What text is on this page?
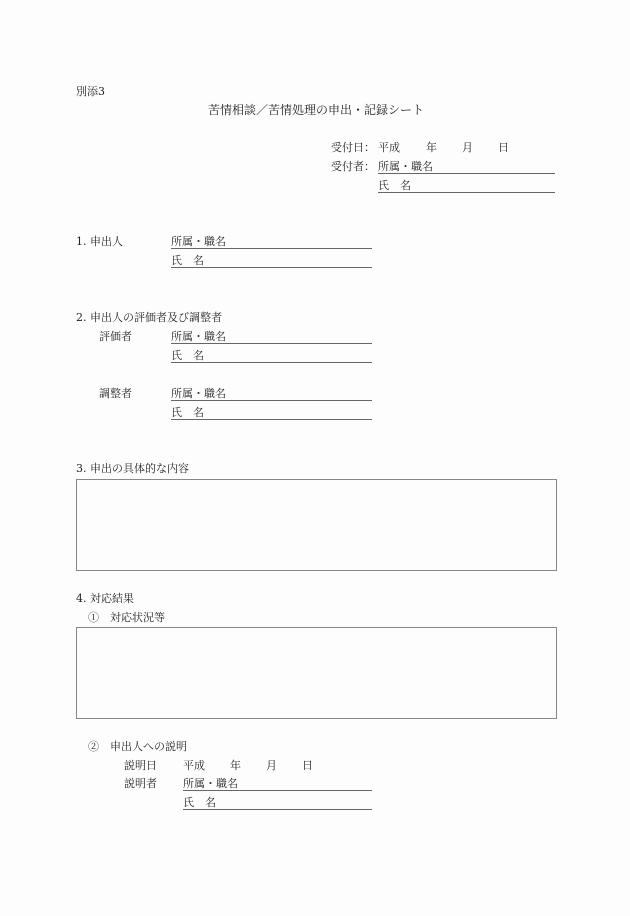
別添3
苦情相談／苦情処理の申出・記録シート
受付日： 平成 年 月 日
受付者： 所属・職名
氏　名
1. 申出人	所属・職名
氏　名
2. 申出人の評価者及び調整者
評価者	所属・職名
氏　名
調整者	所属・職名
氏　名
3. 申出の具体的な内容
4. 対応結果
①　対応状況等
②　申出人への説明
説明日 平成 年 月 日
説明者 所属・職名
氏　名
